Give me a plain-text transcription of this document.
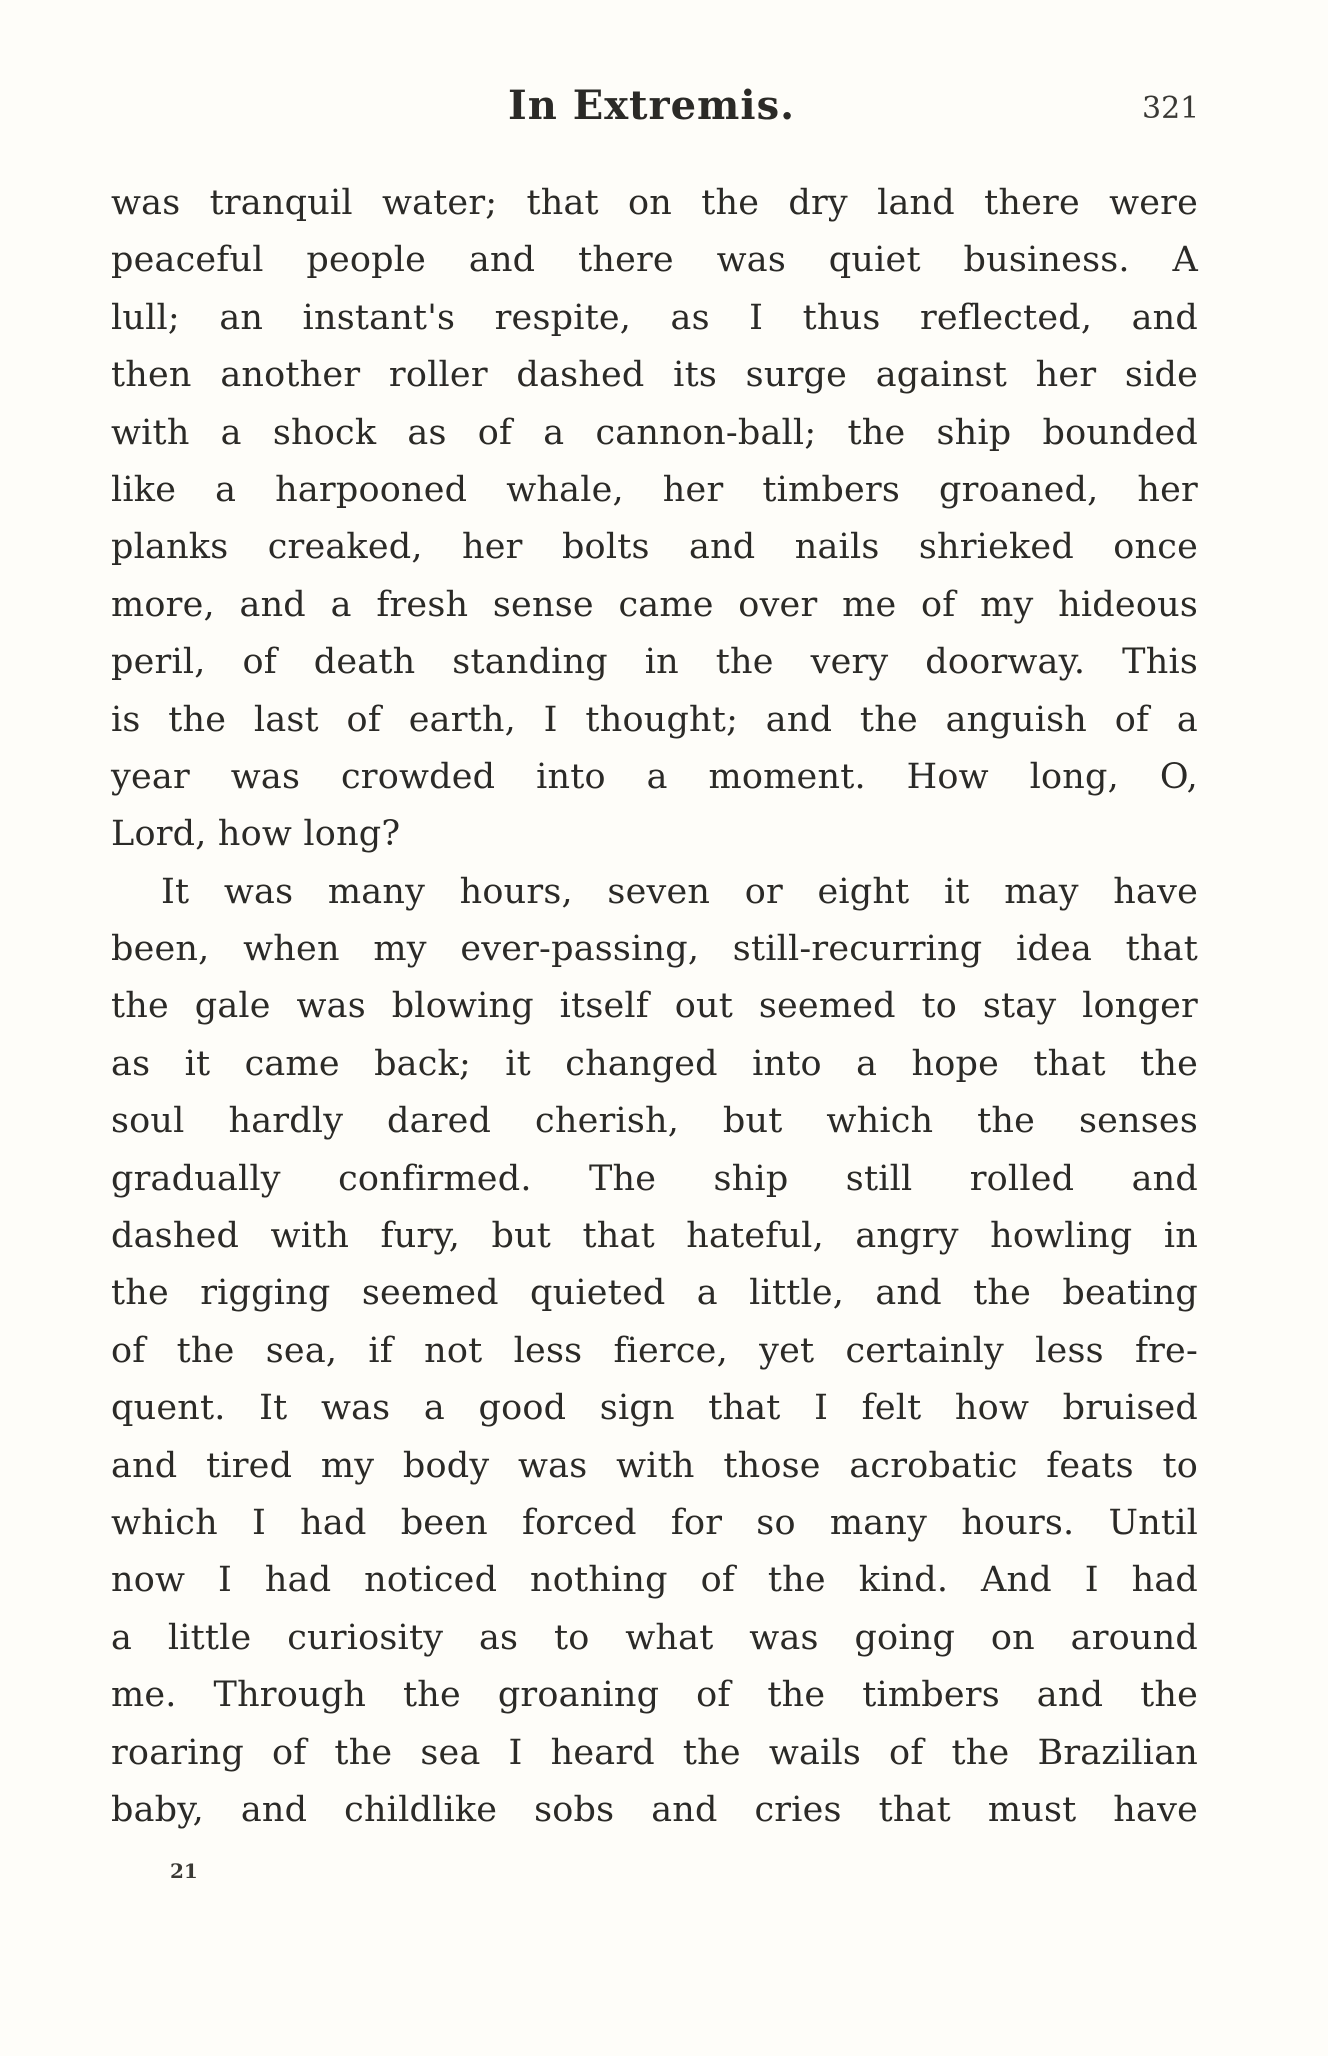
In Extremis.	321
was tranquil water; that on the dry land there were
peaceful people and there was quiet business. A
lull; an instant's respite, as I thus reflected, and
then another roller dashed its surge against her side
with a shock as of a cannon-ball; the ship bounded
like a harpooned whale, her timbers groaned, her
planks creaked, her bolts and nails shrieked once
more, and a fresh sense came over me of my hideous
peril, of death standing in the very doorway. This
is the last of earth, I thought; and the anguish of a
year was crowded into a moment. How long, O,
Lord, how long?
It was many hours, seven or eight it may have
been, when my ever-passing, still-recurring idea that
the gale was blowing itself out seemed to stay longer
as it came back; it changed into a hope that the
soul hardly dared cherish, but which the senses
gradually confirmed. The ship still rolled and
dashed with fury, but that hateful, angry howling in
the rigging seemed quieted a little, and the beating
of the sea, if not less fierce, yet certainly less fre-
quent. It was a good sign that I felt how bruised
and tired my body was with those acrobatic feats to
which I had been forced for so many hours. Until
now I had noticed nothing of the kind. And I had
a little curiosity as to what was going on around
me. Through the groaning of the timbers and the
roaring of the sea I heard the wails of the Brazilian
baby, and childlike sobs and cries that must have
21
